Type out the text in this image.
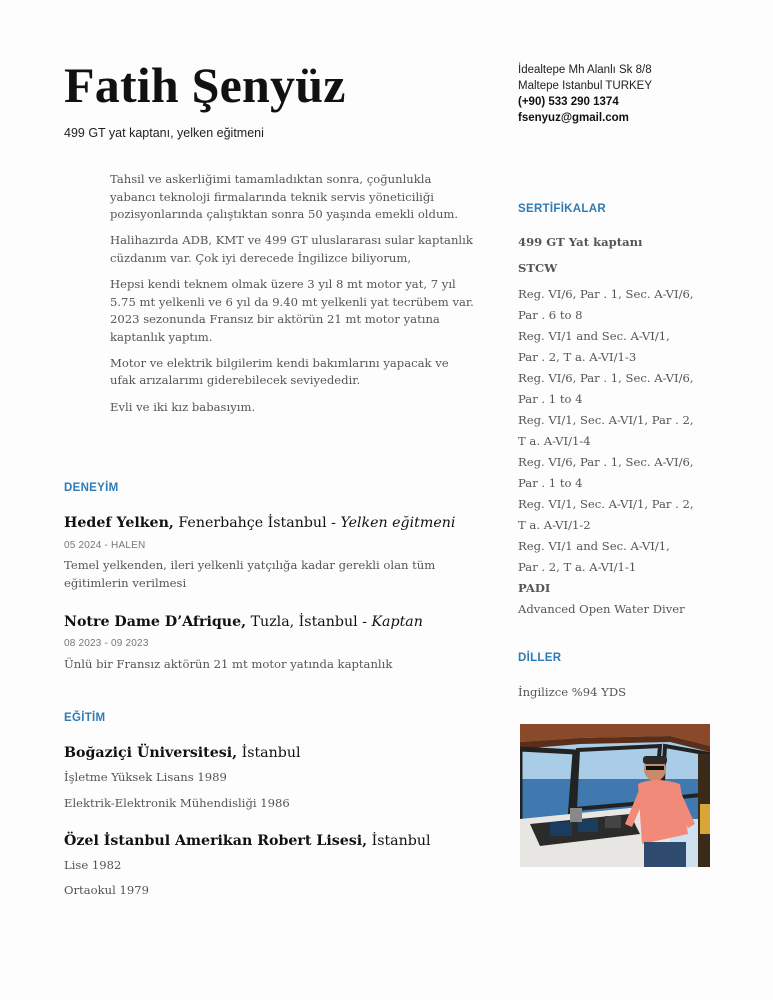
Fatih Şenyüz
499 GT yat kaptanı, yelken eğitmeni
İdealtepe Mh Alanlı Sk 8/8
Maltepe Istanbul TURKEY
(+90) 533 290 1374
fsenyuz@gmail.com

Tahsil ve askerliğimi tamamladıktan sonra, çoğunlukla yabancı teknoloji firmalarında teknik servis yöneticiliği pozisyonlarında çalıştıktan sonra 50 yaşında emekli oldum.

Halihazırda ADB, KMT ve 499 GT uluslararası sular kaptanlık cüzdanım var. Çok iyi derecede İngilizce biliyorum,

Hepsi kendi teknem olmak üzere 3 yıl 8 mt motor yat, 7 yıl 5.75 mt yelkenli ve 6 yıl da 9.40 mt yelkenli yat tecrübem var. 2023 sezonunda Fransız bir aktörün 21 mt motor yatına kaptanlık yaptım.

Motor ve elektrik bilgilerim kendi bakımlarını yapacak ve ufak arızalarımı giderebilecek seviyededir.

Evli ve iki kız babasıyım.

DENEYİM
Hedef Yelken, Fenerbahçe İstanbul - Yelken eğitmeni
05 2024 - HALEN
Temel yelkenden, ileri yelkenli yatçılığa kadar gerekli olan tüm eğitimlerin verilmesi
Notre Dame D’Afrique, Tuzla, İstanbul - Kaptan
08 2023 - 09 2023
Ünlü bir Fransız aktörün 21 mt motor yatında kaptanlık
EĞİTİM
Boğaziçi Üniversitesi, İstanbul
İşletme Yüksek Lisans 1989
Elektrik-Elektronik Mühendisliği 1986
Özel İstanbul Amerikan Robert Lisesi, İstanbul
Lise 1982
Ortaokul 1979
SERTİFİKALAR
499 GT Yat kaptanı
STCW
Reg. VI/6, Par . 1, Sec. A-VI/6,
Par . 6 to 8
Reg. VI/1 and Sec. A-VI/1,
Par . 2, T a. A-VI/1-3
Reg. VI/6, Par . 1, Sec. A-VI/6,
Par . 1 to 4
Reg. VI/1, Sec. A-VI/1, Par . 2,
T a. A-VI/1-4
Reg. VI/6, Par . 1, Sec. A-VI/6,
Par . 1 to 4
Reg. VI/1, Sec. A-VI/1, Par . 2,
T a. A-VI/1-2
Reg. VI/1 and Sec. A-VI/1,
Par . 2, T a. A-VI/1-1
PADI
Advanced Open Water Diver
DİLLER
İngilizce %94 YDS
